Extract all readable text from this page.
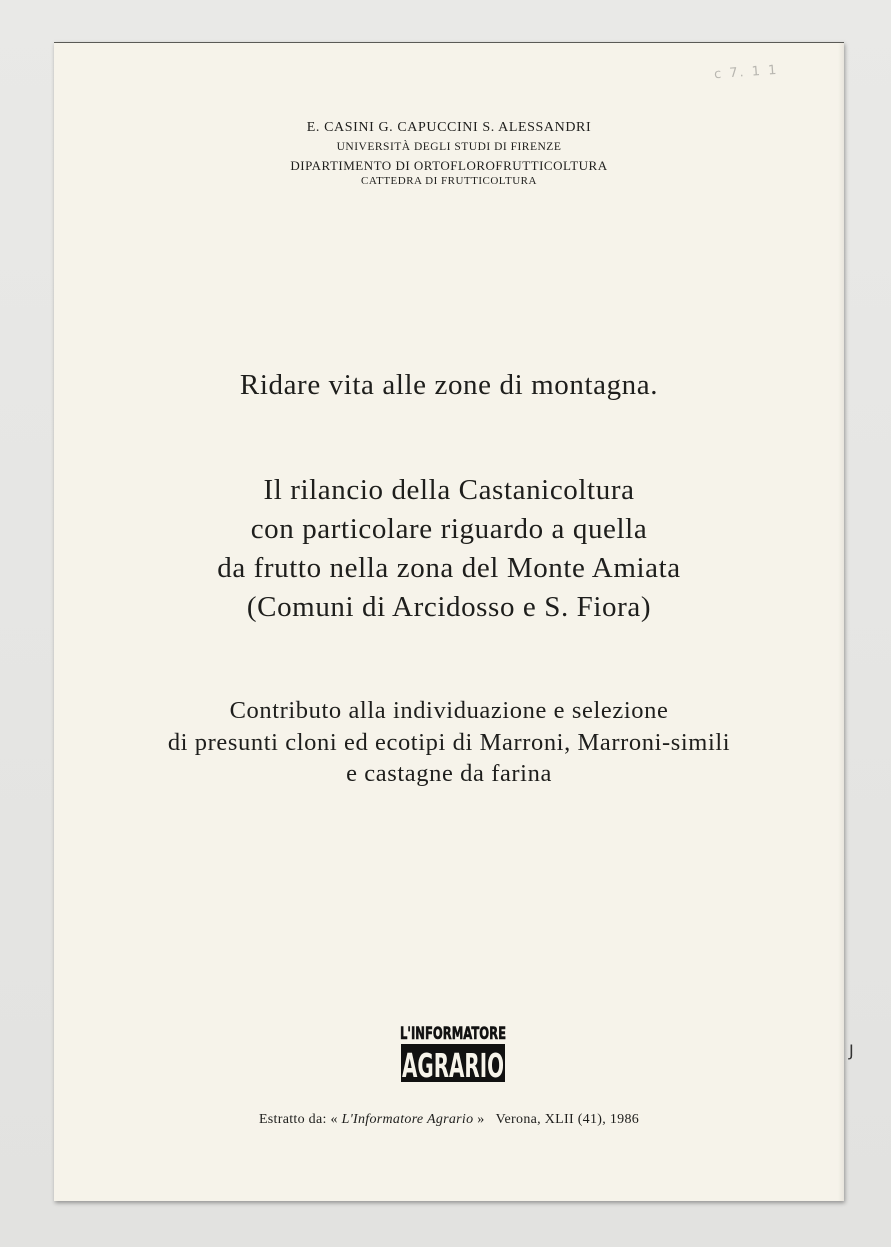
c 7. 1 1

E. CASINI G. CAPUCCINI S. ALESSANDRI

UNIVERSITÀ DEGLI STUDI DI FIRENZE

DIPARTIMENTO DI ORTOFLOROFRUTTICOLTURA

CATTEDRA DI FRUTTICOLTURA

Ridare vita alle zone di montagna.
Il rilancio della Castanicoltura
con particolare riguardo a quella
da frutto nella zona del Monte Amiata
(Comuni di Arcidosso e S. Fiora)
Contributo alla individuazione e selezione
di presunti cloni ed ecotipi di Marroni, Marroni-simili
e castagne da farina
L'INFORMATORE
AGRARIO
Estratto da: « L'Informatore Agrario »   Verona, XLII (41), 1986
J
